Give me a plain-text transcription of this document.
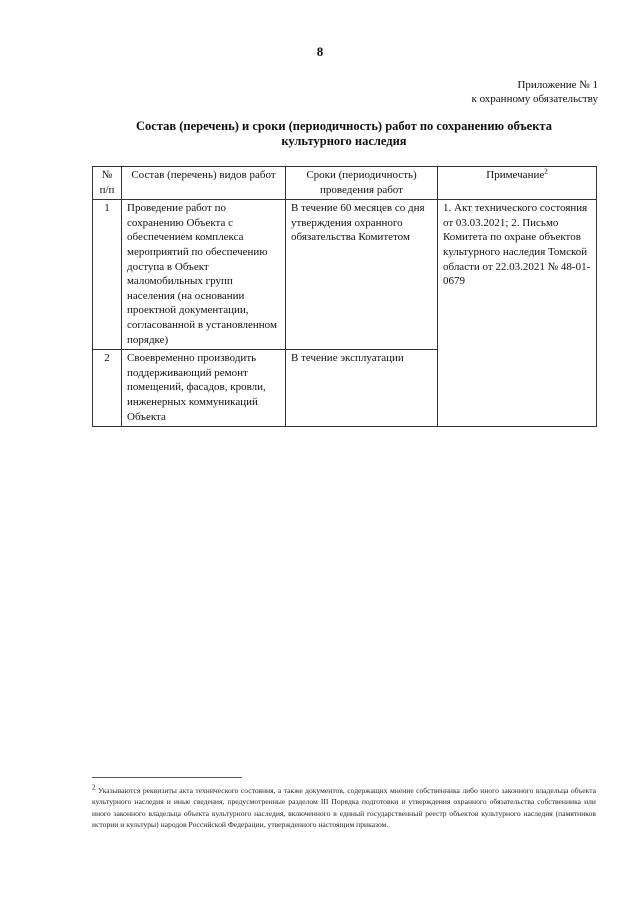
8
Приложение № 1
к охранному обязательству
Состав (перечень) и сроки (периодичность) работ по сохранению объекта
культурного наследия
№ п/п	Состав (перечень) видов работ	Сроки (периодичность) проведения работ	Примечание$^2$
1	Проведение работ по сохранению Объекта с обеспечением комплекса мероприятий по обеспечению доступа в Объект маломобильных групп населения (на основании проектной документации, согласованной в установленном порядке)	В течение 60 месяцев со дня утверждения охранного обязательства Комитетом	1. Акт технического состояния от 03.03.2021; 2. Письмо Комитета по охране объектов культурного наследия Томской области от 22.03.2021 № 48-01-0679
2	Своевременно производить поддерживающий ремонт помещений, фасадов, кровли, инженерных коммуникаций Объекта	В течение эксплуатации	
$^2$ Указываются реквизиты акта технического состояния, а также документов, содержащих мнение собственника либо иного законного владельца объекта культурного наследия и иные сведения, предусмотренные разделом III Порядка подготовки и утверждения охранного обязательства собственника или иного законного владельца объекта культурного наследия, включенного в единый государственный реестр объектов культурного наследия (памятников истории и культуры) народов Российской Федерации, утвержденного настоящим приказом.
